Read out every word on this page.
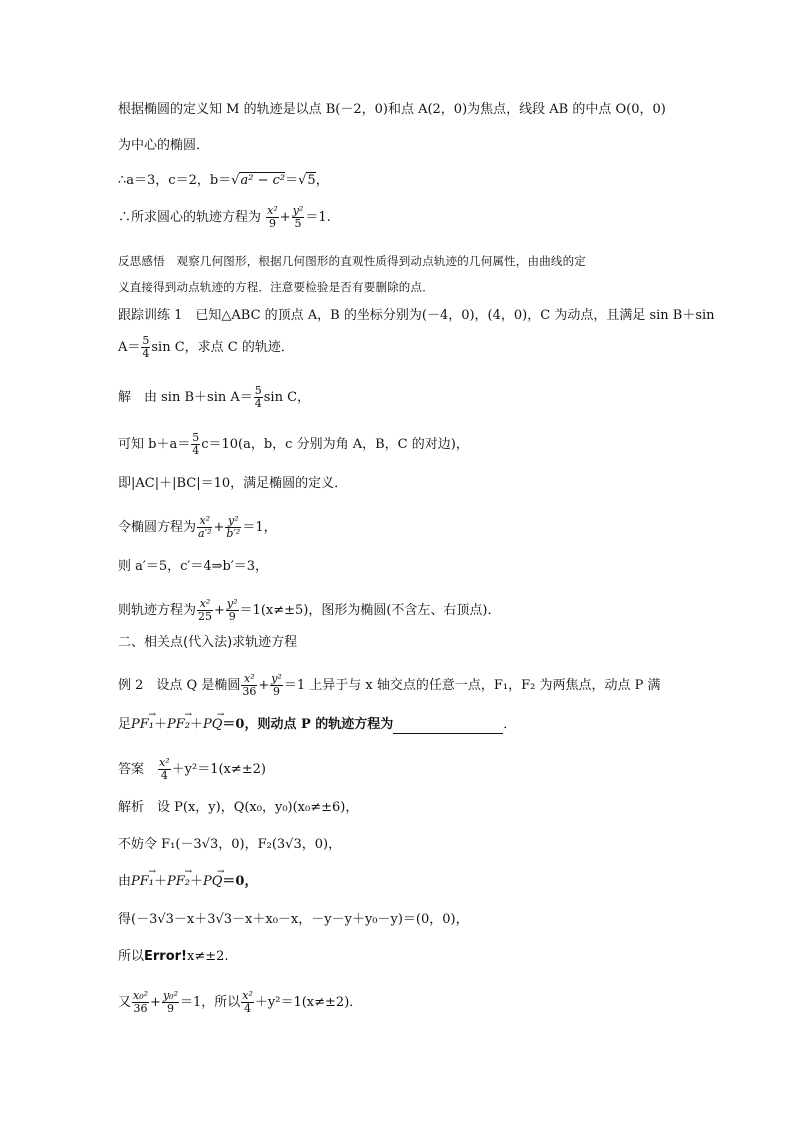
根据椭圆的定义知 M 的轨迹是以点 B(－2，0)和点 A(2，0)为焦点，线段 AB 的中点 O(0，0)
为中心的椭圆．
∴a＝3，c＝2，b＝√a² − c²＝√5，
∴所求圆心的轨迹方程为 $\frac{\text{x²}}{9} + \frac{\text{y²}}{5} =1$.
反思感悟　观察几何图形，根据几何图形的直观性质得到动点轨迹的几何属性，由曲线的定
义直接得到动点轨迹的方程．注意要检验是否有要删除的点．
跟踪训练 1　已知△ABC 的顶点 A，B 的坐标分别为(－4，0)，(4，0)，C 为动点，且满足 sin B＋sin
$A= \frac{5}{4}$ sin C，求点 C 的轨迹．
解　由 sin B＋sin $A= \frac{5}{4}$ sin C，
可知 $b+a= \frac{5}{4} c=10(a$，b，c 分别为角 A，B，C 的对边)，
即|AC|＋|BC|＝10，满足椭圆的定义．
令椭圆方程为 $\frac{\text{x²}}{\text{a′²}} + \frac{\text{y²}}{\text{b′²}} =1$，
则 a′＝5，c′＝4⇒b′＝3，
则轨迹方程为 $\frac{\text{x²}}{25} + \frac{\text{y²}}{9} =1(x\ne\pm 5)$，图形为椭圆(不含左、右顶点)．
二、相关点(代入法)求轨迹方程
例 2　设点 Q 是椭圆 $\frac{\text{x²}}{36} + \frac{\text{y²}}{9} =1$ 上异于与 x 轴交点的任意一点，F₁，F₂ 为两焦点，动点 P 满
足→ PF₁＋→ PF₂＋→ PQ＝0，则动点 P 的轨迹方程为	．
答案　 $\frac{\text{x²}}{4} +y^2=1(x\ne\pm 2)$
解析　设 P(x，y)，Q(x₀，y₀)(x₀≠±6)，
不妨令 F₁(－3√3，0)，F₂(3√3，0)，
由→ PF₁＋→ PF₂＋→ PQ＝0，
得(－3√3－x＋3√3－x＋x₀－x，－y－y＋y₀－y)＝(0，0)，
所以Error!x≠±2.
又 $\frac{\text{x₀²}}{36} + \frac{\text{y₀²}}{9} =1$，所以 $\frac{\text{x²}}{4} +y^2=1(x\ne\pm 2)$．
